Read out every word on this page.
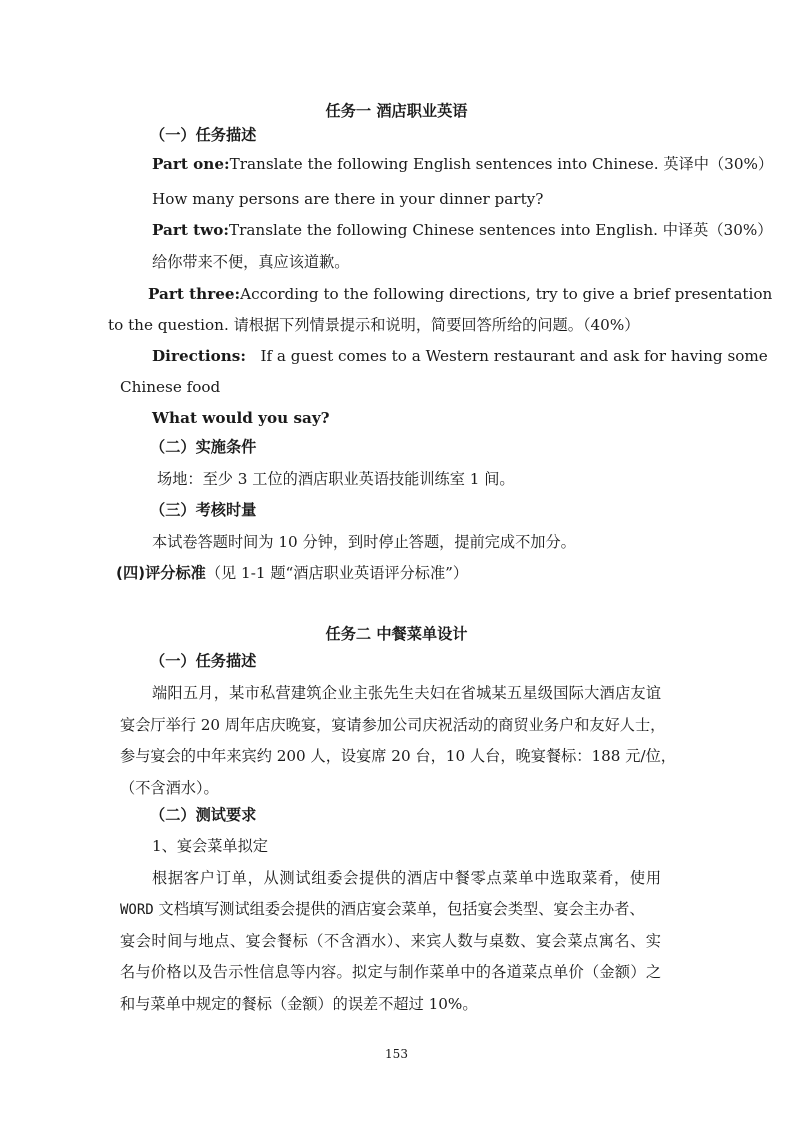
任务一 酒店职业英语
（一）任务描述
Part one:Translate the following English sentences into Chinese. 英译中（30%）
How many persons are there in your dinner party?
Part two:Translate the following Chinese sentences into English. 中译英（30%）
给你带来不便，真应该道歉。
Part three:According to the following directions, try to give a brief presentation
to the question. 请根据下列情景提示和说明，简要回答所给的问题。（40%）
Directions: If a guest comes to a Western restaurant and ask for having some
Chinese food
What would you say?
（二）实施条件
场地：至少 3 工位的酒店职业英语技能训练室 1 间。
（三）考核时量
本试卷答题时间为 10 分钟，到时停止答题，提前完成不加分。
(四)评分标准（见 1-1 题“酒店职业英语评分标准”）
任务二 中餐菜单设计
（一）任务描述
端阳五月，某市私营建筑企业主张先生夫妇在省城某五星级国际大酒店友谊
宴会厅举行 20 周年店庆晚宴，宴请参加公司庆祝活动的商贸业务户和友好人士，
参与宴会的中年来宾约 200 人，设宴席 20 台，10 人台，晚宴餐标：188 元/位，
（不含酒水）。
（二）测试要求
1、宴会菜单拟定
根据客户订单，从测试组委会提供的酒店中餐零点菜单中选取菜肴，使用
WORD 文档填写测试组委会提供的酒店宴会菜单，包括宴会类型、宴会主办者、
宴会时间与地点、宴会餐标（不含酒水）、来宾人数与桌数、宴会菜点寓名、实
名与价格以及告示性信息等内容。拟定与制作菜单中的各道菜点单价（金额）之
和与菜单中规定的餐标（金额）的误差不超过 10%。
153
